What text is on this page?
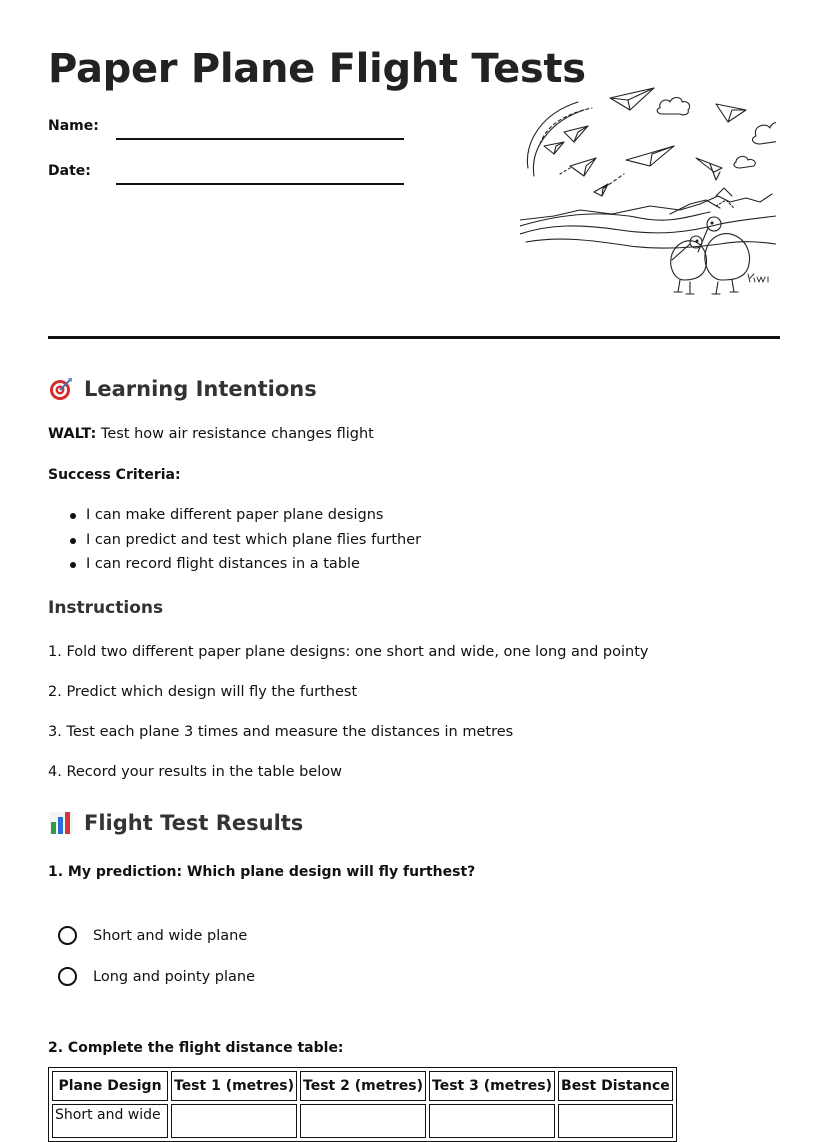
Paper Plane Flight Tests
Name:
Date:
Learning Intentions
WALT: Test how air resistance changes flight
Success Criteria:
I can make different paper plane designs
I can predict and test which plane flies further
I can record flight distances in a table
Instructions
1. Fold two different paper plane designs: one short and wide, one long and pointy
2. Predict which design will fly the furthest
3. Test each plane 3 times and measure the distances in metres
4. Record your results in the table below
Flight Test Results
1. My prediction: Which plane design will fly furthest?
Short and wide plane
Long and pointy plane
2. Complete the flight distance table:
Plane Design	Test 1 (metres)	Test 2 (metres)	Test 3 (metres)	Best Distance
Short and wide				
